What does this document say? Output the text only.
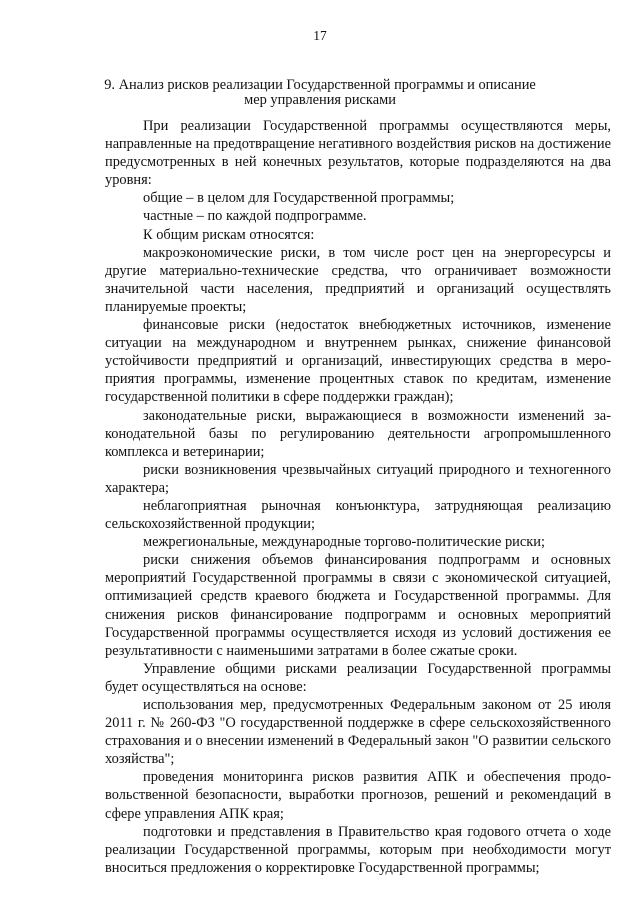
17
9. Анализ рисков реализации Государственной программы и описание
мер управления рисками

При реализации Государственной программы осуществляются меры, направленные на предотвращение негативного воздействия рисков на достижение предусмотренных в ней конечных результатов, которые подразделяются на два уровня:

общие – в целом для Государственной программы;

частные – по каждой подпрограмме.

К общим рискам относятся:

макроэкономические риски, в том числе рост цен на энергоресурсы и другие материально-технические средства, что ограничивает возможности значительной части населения, предприятий и организаций осуществлять планируемые проекты;

финансовые риски (недостаток внебюджетных источников, изменение ситуации на международном и внутреннем рынках, снижение финансовой устойчивости предприятий и организаций, инвестирующих средства в мероприятия программы, изменение процентных ставок по кредитам, изменение государственной политики в сфере поддержки граждан);

законодательные риски, выражающиеся в возможности изменений законодательной базы по регулированию деятельности агропромышленного комплекса и ветеринарии;

риски возникновения чрезвычайных ситуаций природного и техногенного характера;

неблагоприятная рыночная конъюнктура, затрудняющая реализацию сельскохозяйственной продукции;

межрегиональные, международные торгово-политические риски;

риски снижения объемов финансирования подпрограмм и основных мероприятий Государственной программы в связи с экономической ситуацией, оптимизацией средств краевого бюджета и Государственной программы. Для снижения рисков финансирование подпрограмм и основных мероприятий Государственной программы осуществляется исходя из условий достижения ее результативности с наименьшими затратами в более сжатые сроки.

Управление общими рисками реализации Государственной программы будет осуществляться на основе:

использования мер, предусмотренных Федеральным законом от 25 июля 2011 г. № 260-ФЗ "О государственной поддержке в сфере сельскохозяйственного страхования и о внесении изменений в Федеральный закон "О развитии сельского хозяйства";

проведения мониторинга рисков развития АПК и обеспечения продовольственной безопасности, выработки прогнозов, решений и рекомендаций в сфере управления АПК края;

подготовки и представления в Правительство края годового отчета о ходе реализации Государственной программы, которым при необходимости могут вноситься предложения о корректировке Государственной программы;
